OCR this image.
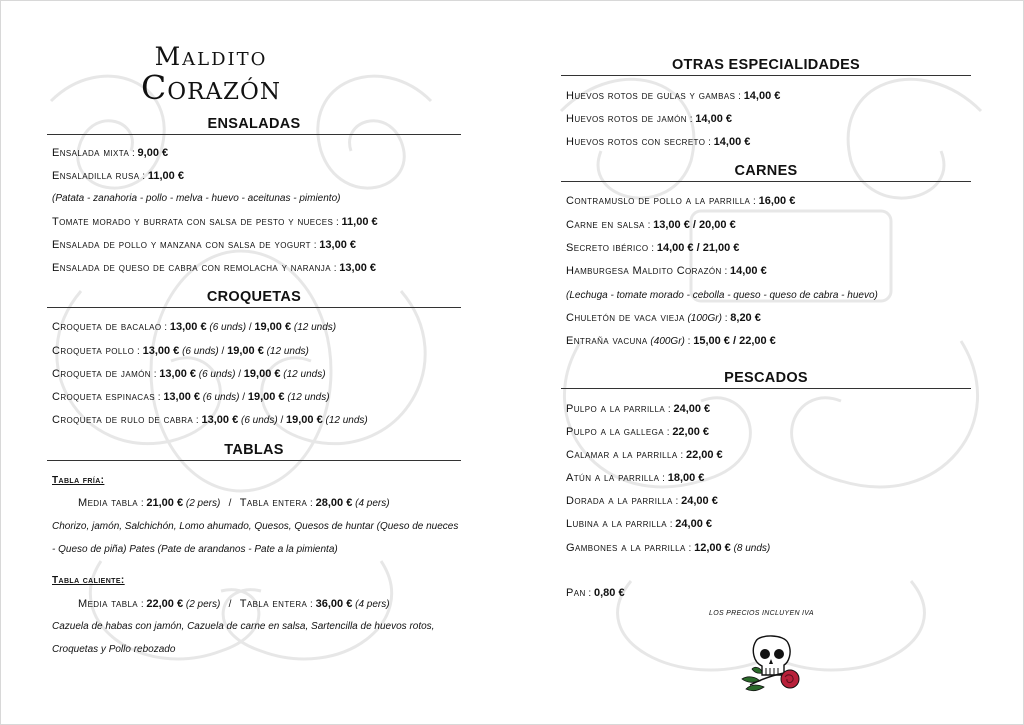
Maldito
Corazón
ENSALADAS
Ensalada mixta : 9,00 €
Ensaladilla rusa : 11,00 €
(Patata - zanahoria - pollo - melva - huevo - aceitunas - pimiento)
Tomate morado y burrata con salsa de pesto y nueces : 11,00 €
Ensalada de pollo y manzana con salsa de yogurt : 13,00 €
Ensalada de queso de cabra con remolacha y naranja : 13,00 €
CROQUETAS
Croqueta de bacalao : 13,00 € (6 unds) / 19,00 € (12 unds)
Croqueta pollo : 13,00 € (6 unds) / 19,00 € (12 unds)
Croqueta de jamón : 13,00 € (6 unds) / 19,00 € (12 unds)
Croqueta espinacas : 13,00 € (6 unds) / 19,00 € (12 unds)
Croqueta de rulo de cabra : 13,00 € (6 unds) / 19,00 € (12 unds)
TABLAS
Tabla fría:
Media tabla : 21,00 € (2 pers) / Tabla entera : 28,00 € (4 pers)
Chorizo, jamón, Salchichón, Lomo ahumado, Quesos, Quesos de huntar (Queso de nueces - Queso de piña) Pates (Pate de arandanos - Pate a la pimienta)
Tabla caliente:
Media tabla : 22,00 € (2 pers) / Tabla entera : 36,00 € (4 pers)
Cazuela de habas con jamón, Cazuela de carne en salsa, Sartencilla de huevos rotos, Croquetas y Pollo rebozado
OTRAS ESPECIALIDADES
Huevos rotos de gulas y gambas : 14,00 €
Huevos rotos de jamón : 14,00 €
Huevos rotos con secreto : 14,00 €
CARNES
Contramuslo de pollo a la parrilla : 16,00 €
Carne en salsa : 13,00 € / 20,00 €
Secreto ibérico : 14,00 € / 21,00 €
Hamburgesa Maldito Corazón : 14,00 €
(Lechuga - tomate morado - cebolla - queso - queso de cabra - huevo)
Chuletón de vaca vieja (100Gr) : 8,20 €
Entraña vacuna (400Gr) : 15,00 € / 22,00 €
PESCADOS
Pulpo a la parrilla : 24,00 €
Pulpo a la gallega : 22,00 €
Calamar a la parrilla : 22,00 €
Atún a la parrilla : 18,00 €
Dorada a la parrilla : 24,00 €
Lubina a la parrilla : 24,00 €
Gambones a la parrilla : 12,00 € (8 unds)
Pan : 0,80 €
LOS PRECIOS INCLUYEN IVA
